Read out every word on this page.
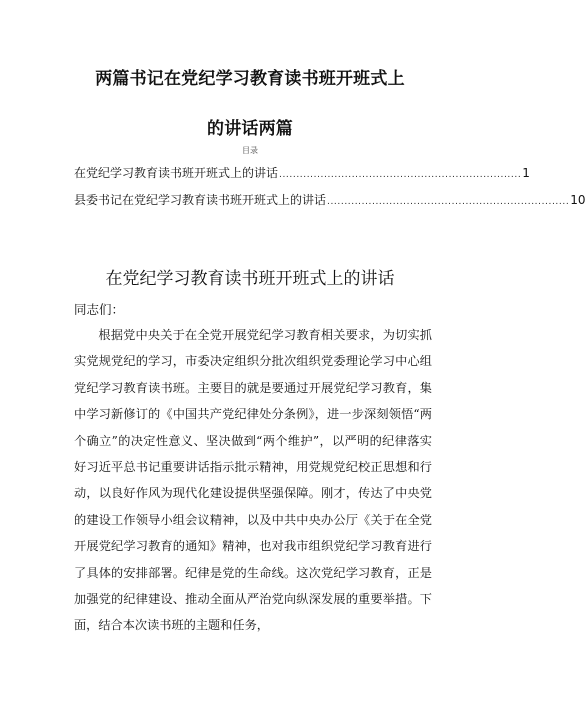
两篇书记在党纪学习教育读书班开班式上
的讲话两篇
目录
在党纪学习教育读书班开班式上的讲话 ...................................................................... 1
县委书记在党纪学习教育读书班开班式上的讲话 ...................................................................... 10
在党纪学习教育读书班开班式上的讲话
同志们：

根据党中央关于在全党开展党纪学习教育相关要求，为切实抓实党规党纪的学习，市委决定组织分批次组织党委理论学习中心组党纪学习教育读书班。主要目的就是要通过开展党纪学习教育，集中学习新修订的《中国共产党纪律处分条例》，进一步深刻领悟“两个确立”的决定性意义、坚决做到“两个维护”，以严明的纪律落实好习近平总书记重要讲话指示批示精神，用党规党纪校正思想和行动，以良好作风为现代化建设提供坚强保障。刚才，传达了中央党的建设工作领导小组会议精神，以及中共中央办公厅《关于在全党开展党纪学习教育的通知》精神，也对我市组织党纪学习教育进行了具体的安排部署。纪律是党的生命线。这次党纪学习教育，正是加强党的纪律建设、推动全面从严治党向纵深发展的重要举措。下面，结合本次读书班的主题和任务，
